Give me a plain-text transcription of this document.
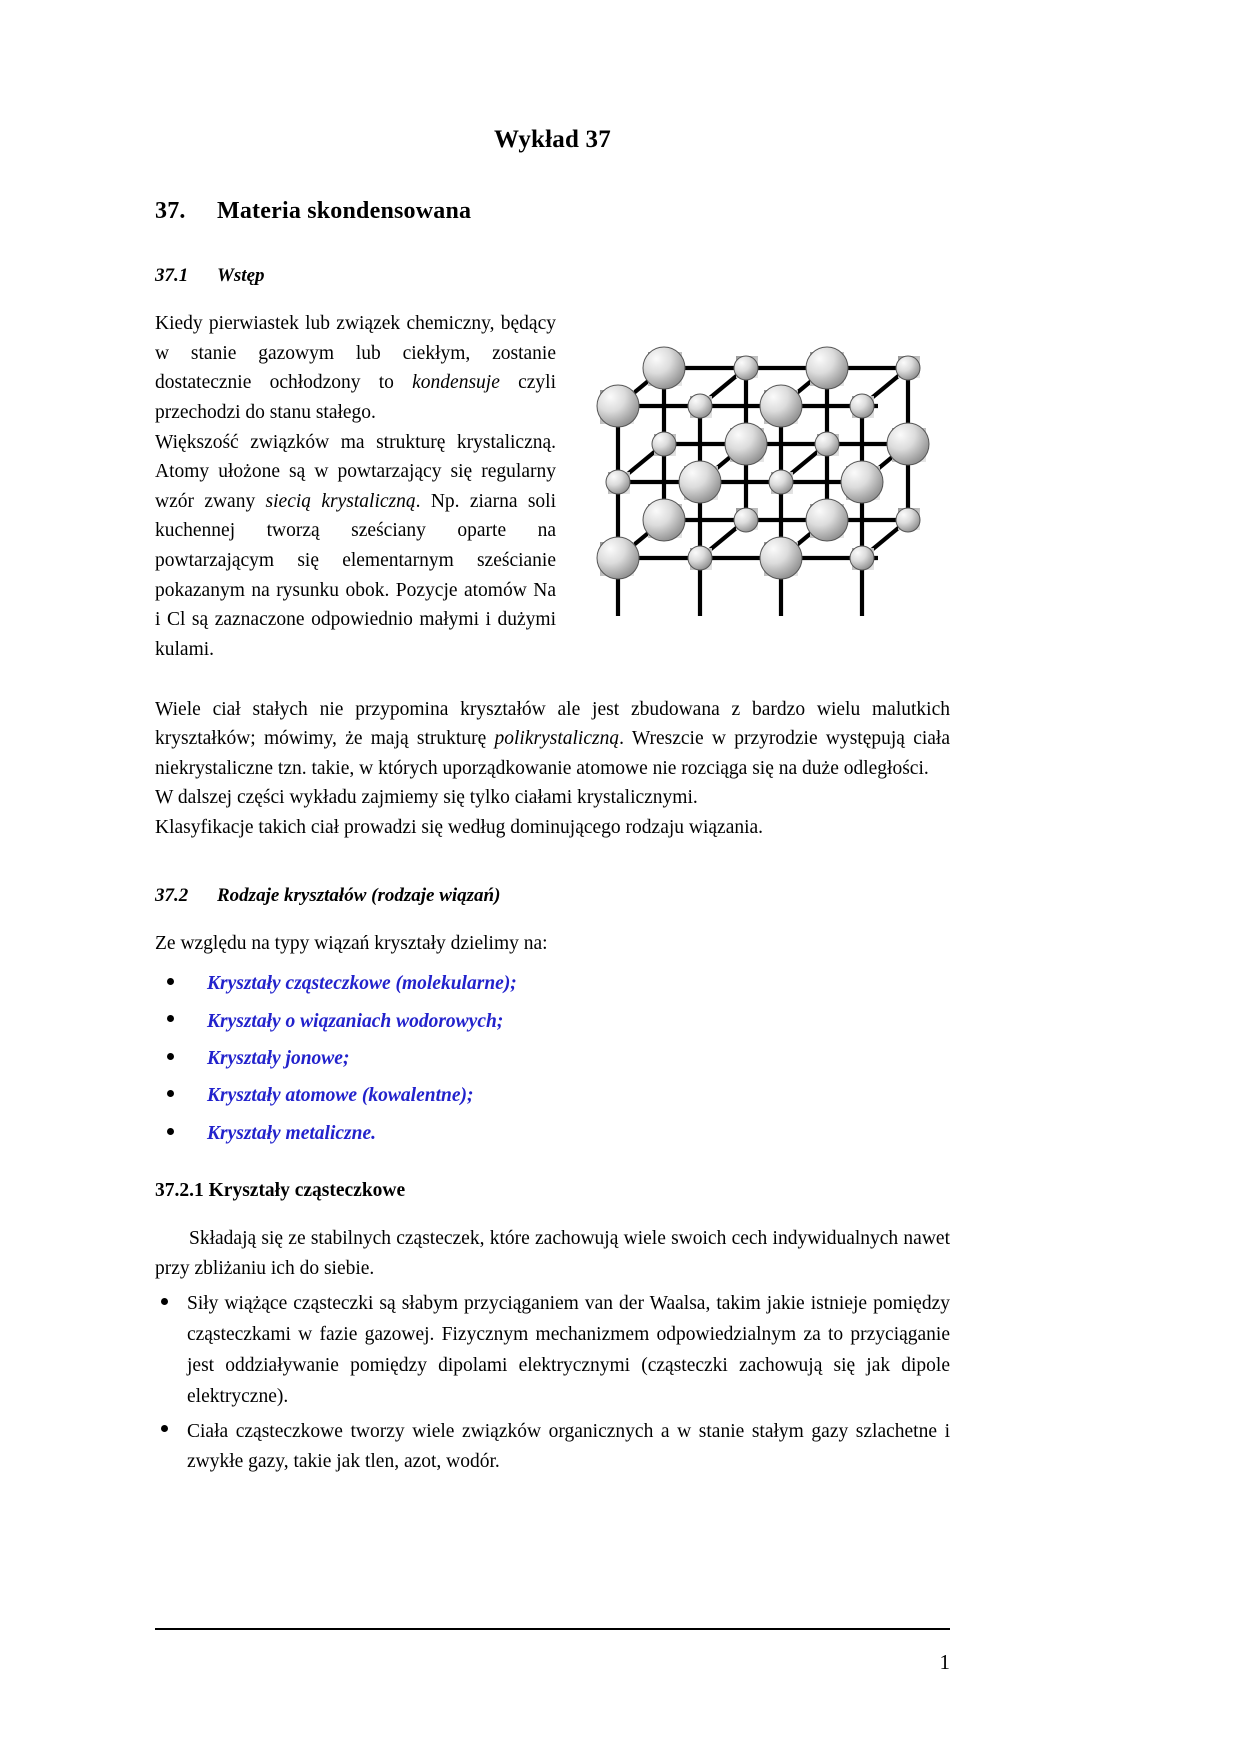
Wykład 37
37. Materia skondensowana
37.1 Wstęp

Kiedy pierwiastek lub związek chemiczny, będący w stanie gazowym lub ciekłym, zostanie dostatecznie ochłodzony to kondensuje czyli przechodzi do stanu stałego.

Większość związków ma strukturę krystaliczną. Atomy ułożone są w powtarzający się regularny wzór zwany siecią krystaliczną. Np. ziarna soli kuchennej tworzą sześciany oparte na powtarzającym się elementarnym sześcianie pokazanym na rysunku obok. Pozycje atomów Na i Cl są zaznaczone odpowiednio małymi i dużymi kulami.

Wiele ciał stałych nie przypomina kryształów ale jest zbudowana z bardzo wielu malutkich kryształków; mówimy, że mają strukturę polikrystaliczną. Wreszcie w przyrodzie występują ciała niekrystaliczne tzn. takie, w których uporządkowanie atomowe nie rozciąga się na duże odległości.

W dalszej części wykładu zajmiemy się tylko ciałami krystalicznymi.

Klasyfikacje takich ciał prowadzi się według dominującego rodzaju wiązania.

37.2 Rodzaje kryształów (rodzaje wiązań)

Ze względu na typy wiązań kryształy dzielimy na:

Kryształy cząsteczkowe (molekularne);
Kryształy o wiązaniach wodorowych;
Kryształy jonowe;
Kryształy atomowe (kowalentne);
Kryształy metaliczne.
37.2.1 Kryształy cząsteczkowe

Składają się ze stabilnych cząsteczek, które zachowują wiele swoich cech indywidualnych nawet przy zbliżaniu ich do siebie.

Siły wiążące cząsteczki są słabym przyciąganiem van der Waalsa, takim jakie istnieje pomiędzy cząsteczkami w fazie gazowej. Fizycznym mechanizmem odpowiedzialnym za to przyciąganie jest oddziaływanie pomiędzy dipolami elektrycznymi (cząsteczki zachowują się jak dipole elektryczne).
Ciała cząsteczkowe tworzy wiele związków organicznych a w stanie stałym gazy szlachetne i zwykłe gazy, takie jak tlen, azot, wodór.
1
